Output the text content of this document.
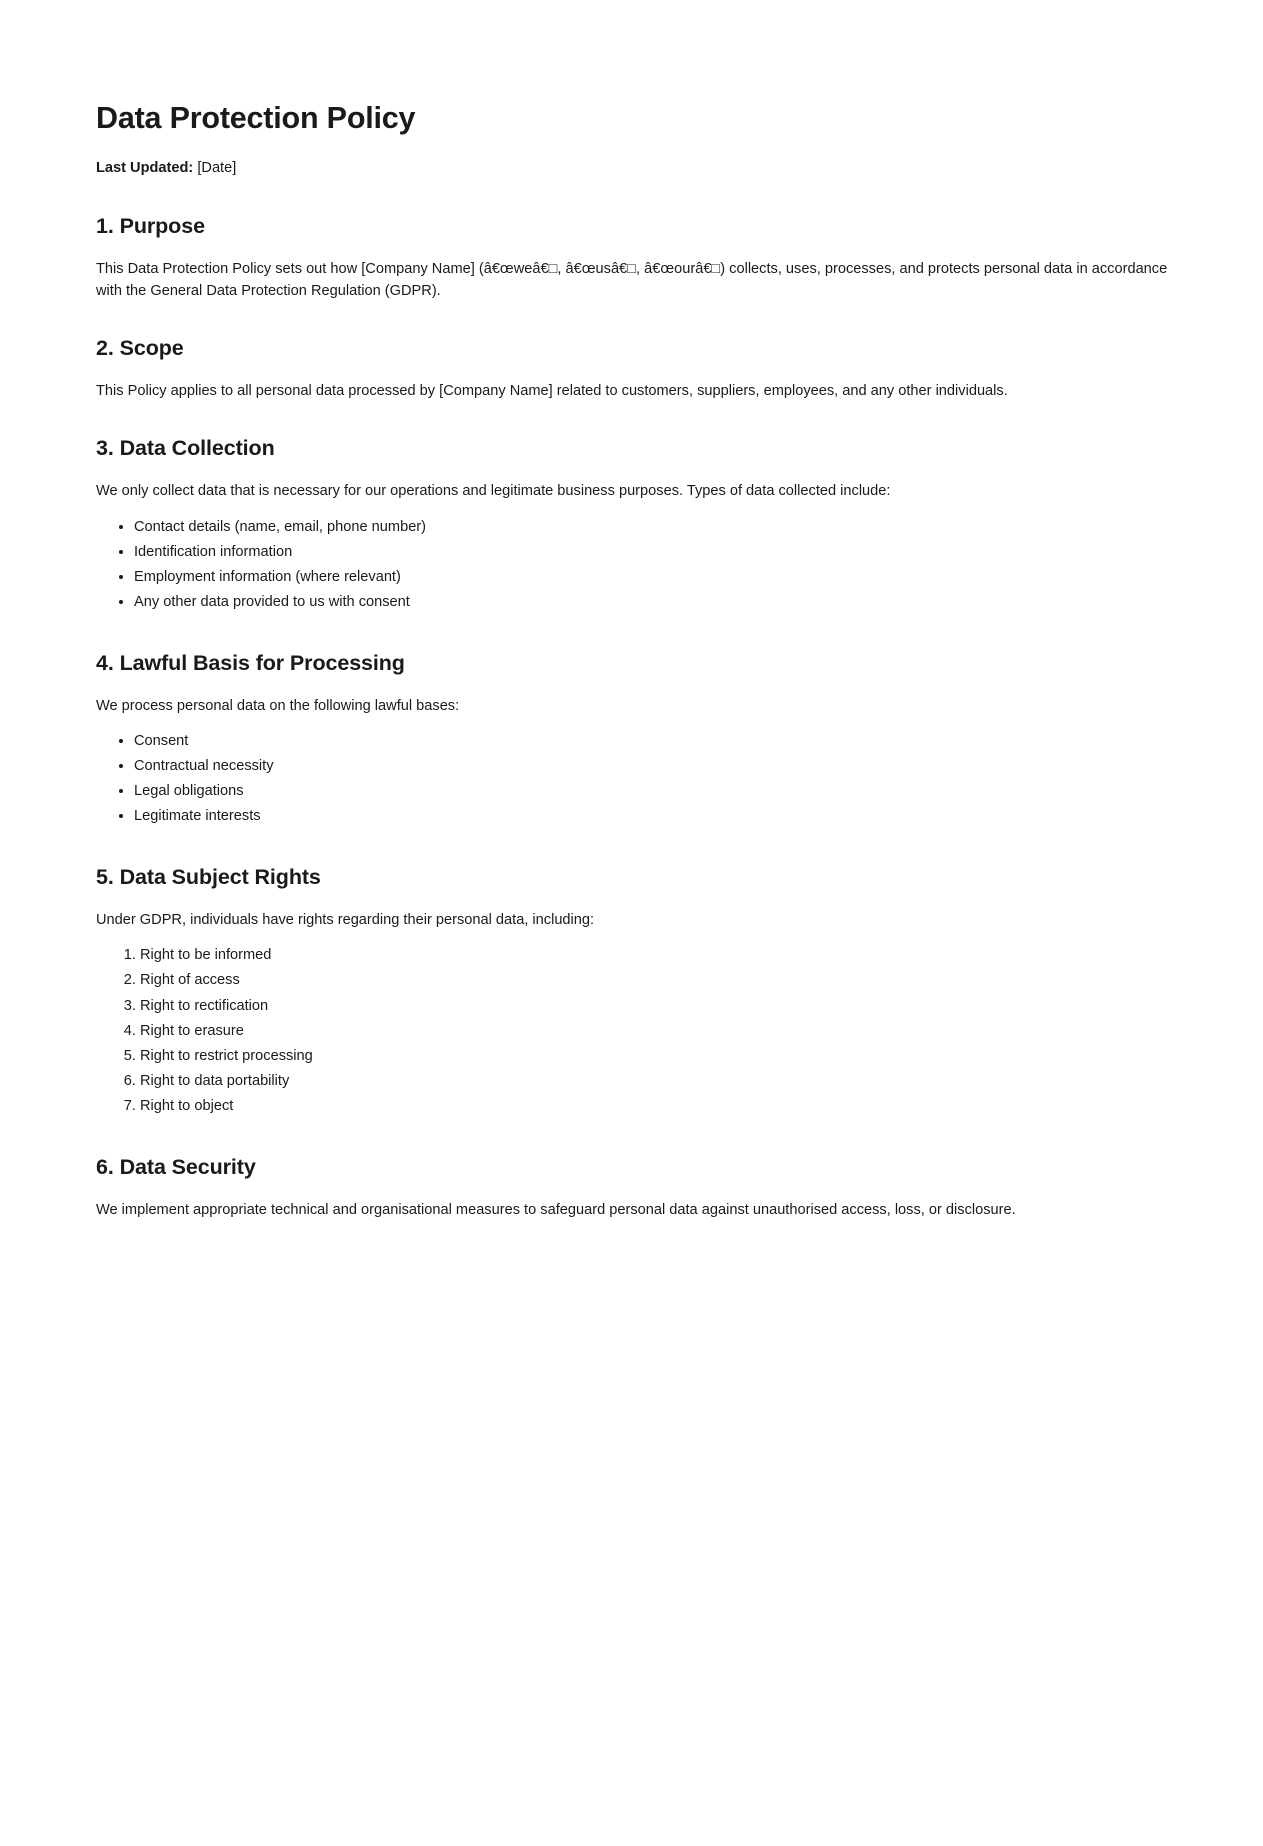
Data Protection Policy

Last Updated: [Date]

1. Purpose

This Data Protection Policy sets out how [Company Name] (â€œweâ€□, â€œusâ€□, â€œourâ€□) collects, uses, processes, and protects personal data in accordance with the General Data Protection Regulation (GDPR).

2. Scope

This Policy applies to all personal data processed by [Company Name] related to customers, suppliers, employees, and any other individuals.

3. Data Collection

We only collect data that is necessary for our operations and legitimate business purposes. Types of data collected include:

• Contact details (name, email, phone number)
• Identification information
• Employment information (where relevant)
• Any other data provided to us with consent
4. Lawful Basis for Processing

We process personal data on the following lawful bases:

• Consent
• Contractual necessity
• Legal obligations
• Legitimate interests
5. Data Subject Rights

Under GDPR, individuals have rights regarding their personal data, including:

1. Right to be informed
2. Right of access
3. Right to rectification
4. Right to erasure
5. Right to restrict processing
6. Right to data portability
7. Right to object
6. Data Security

We implement appropriate technical and organisational measures to safeguard personal data against unauthorised access, loss, or disclosure.
